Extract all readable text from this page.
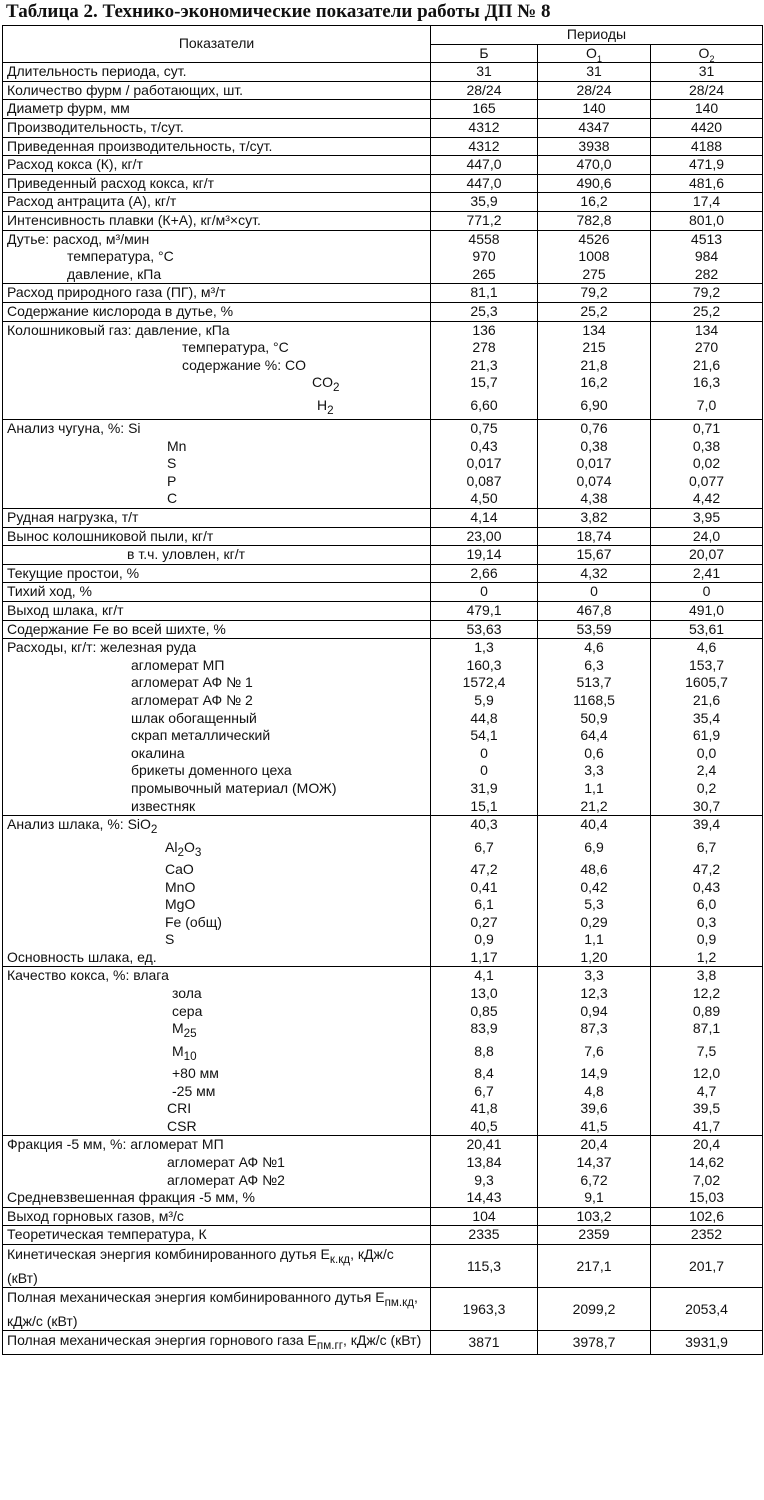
Таблица 2. Технико-экономические показатели работы ДП № 8
Показатели	Периоды		
	Б	$O_1$	$O_2$
Длительность периода, сут.	31	31	31
Количество фурм / работающих, шт.	28/24	28/24	28/24
Диаметр фурм, мм	165	140	140
Производительность, т/сут.	4312	4347	4420
Приведенная производительность, т/сут.	4312	3938	4188
Расход кокса (К), кг/т	447,0	470,0	471,9
Приведенный расход кокса, кг/т	447,0	490,6	481,6
Расход антрацита (А), кг/т	35,9	16,2	17,4
Интенсивность плавки (К+А), кг/м³×сут.	771,2	782,8	801,0
Дутье: расход, м³/мин	4558	4526	4513
температура, °С	970	1008	984
давление, кПа	265	275	282
Расход природного газа (ПГ), м³/т	81,1	79,2	79,2
Содержание кислорода в дутье, %	25,3	25,2	25,2
Колошниковый газ: давление, кПа	136	134	134
температура, °С	278	215	270
содержание %: CO	21,3	21,8	21,6
$CO_2$	15,7	16,2	16,3
$H_2$	6,60	6,90	7,0
Анализ чугуна, %: Si	0,75	0,76	0,71
Mn	0,43	0,38	0,38
S	0,017	0,017	0,02
P	0,087	0,074	0,077
C	4,50	4,38	4,42
Рудная нагрузка, т/т	4,14	3,82	3,95
Вынос колошниковой пыли, кг/т	23,00	18,74	24,0
в т.ч. уловлен, кг/т	19,14	15,67	20,07
Текущие простои, %	2,66	4,32	2,41
Тихий ход, %	0	0	0
Выход шлака, кг/т	479,1	467,8	491,0
Содержание Fe во всей шихте, %	53,63	53,59	53,61
Расходы, кг/т: железная руда	1,3	4,6	4,6
агломерат МП	160,3	6,3	153,7
агломерат АФ № 1	1572,4	513,7	1605,7
агломерат АФ № 2	5,9	1168,5	21,6
шлак обогащенный	44,8	50,9	35,4
скрап металлический	54,1	64,4	61,9
окалина	0	0,6	0,0
брикеты доменного цеха	0	3,3	2,4
промывочный материал (МОЖ)	31,9	1,1	0,2
известняк	15,1	21,2	30,7
Анализ шлака, %: SiO$_2$	40,3	40,4	39,4
$Al_2O_3$	6,7	6,9	6,7
CaO	47,2	48,6	47,2
MnO	0,41	0,42	0,43
MgO	6,1	5,3	6,0
Fe (общ)	0,27	0,29	0,3
S	0,9	1,1	0,9
Основность шлака, ед.	1,17	1,20	1,2
Качество кокса, %: влага	4,1	3,3	3,8
зола	13,0	12,3	12,2
сера	0,85	0,94	0,89
$M_{25}$	83,9	87,3	87,1
$M_{10}$	8,8	7,6	7,5
+80 мм	8,4	14,9	12,0
-25 мм	6,7	4,8	4,7
CRI	41,8	39,6	39,5
CSR	40,5	41,5	41,7
Фракция -5 мм, %: агломерат МП	20,41	20,4	20,4
агломерат АФ №1	13,84	14,37	14,62
агломерат АФ №2	9,3	6,72	7,02
Средневзвешенная фракция -5 мм, %	14,43	9,1	15,03
Выход горновых газов, м³/с	104	103,2	102,6
Теоретическая температура, К	2335	2359	2352
Кинетическая энергия комбинированного дутья $E_{к.кд}$, кДж/с (кВт)	115,3	217,1	201,7
Полная механическая энергия комбинированного дутья $E_{пм.кд}$, кДж/с (кВт)	1963,3	2099,2	2053,4
Полная механическая энергия горнового газа $E_{пм.гг}$, кДж/с (кВт)	3871	3978,7	3931,9
